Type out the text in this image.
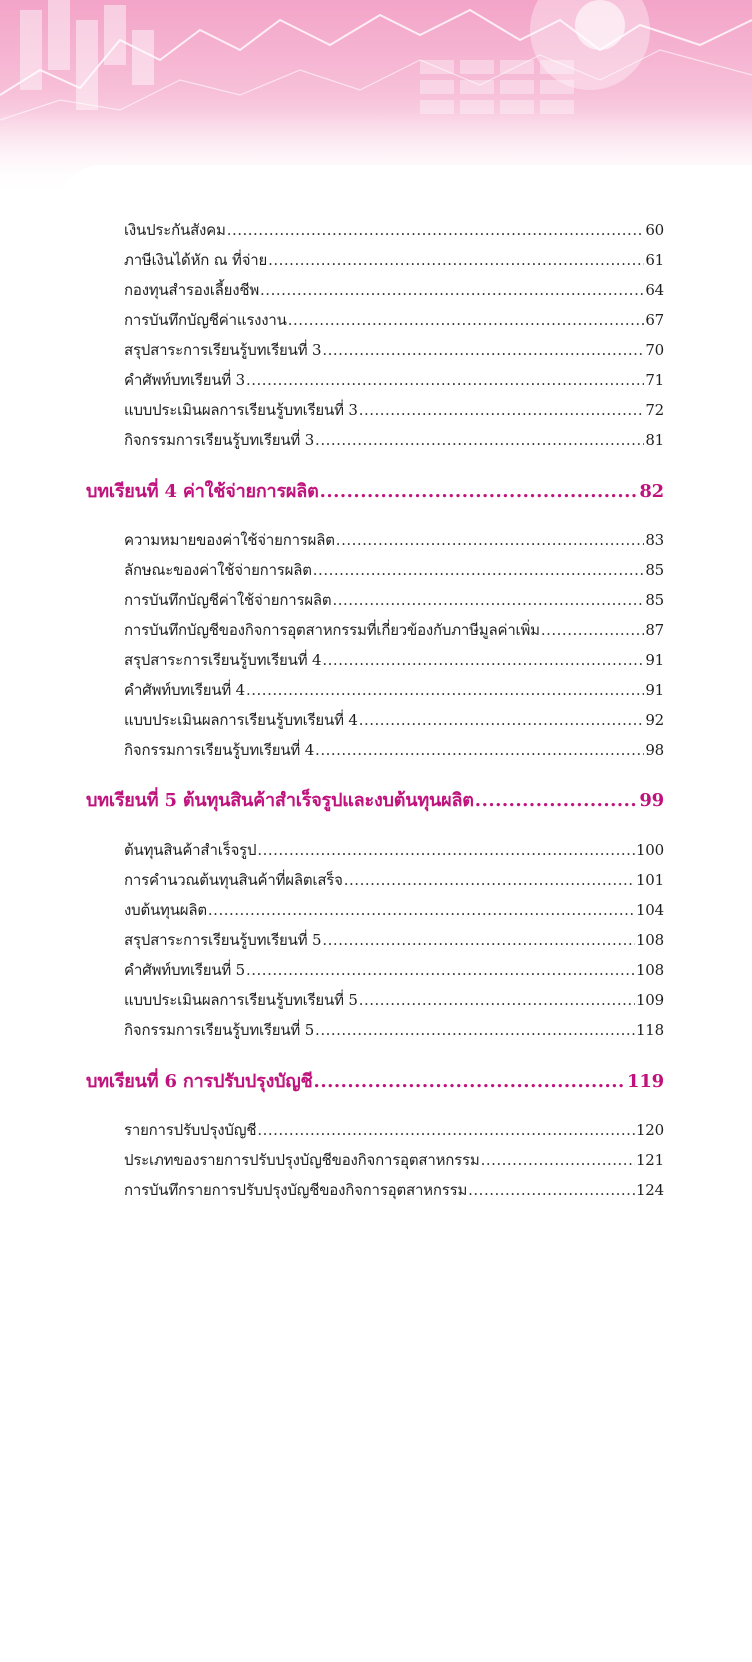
เงินประกันสังคม .....	60
ภาษีเงินได้หัก ณ ที่จ่าย .....	61
กองทุนสำรองเลี้ยงชีพ .....	64
การบันทึกบัญชีค่าแรงงาน .....	67
สรุปสาระการเรียนรู้บทเรียนที่ 3 .....	70
คำศัพท์บทเรียนที่ 3 .....	71
แบบประเมินผลการเรียนรู้บทเรียนที่ 3 .....	72
กิจกรรมการเรียนรู้บทเรียนที่ 3 .....	81
บทเรียนที่ 4 ค่าใช้จ่ายการผลิต .....	82
ความหมายของค่าใช้จ่ายการผลิต .....	83
ลักษณะของค่าใช้จ่ายการผลิต .....	85
การบันทึกบัญชีค่าใช้จ่ายการผลิต .....	85
การบันทึกบัญชีของกิจการอุตสาหกรรมที่เกี่ยวข้องกับภาษีมูลค่าเพิ่ม .....	87
สรุปสาระการเรียนรู้บทเรียนที่ 4 .....	91
คำศัพท์บทเรียนที่ 4 .....	91
แบบประเมินผลการเรียนรู้บทเรียนที่ 4 .....	92
กิจกรรมการเรียนรู้บทเรียนที่ 4 .....	98
บทเรียนที่ 5 ต้นทุนสินค้าสำเร็จรูปและงบต้นทุนผลิต .....	99
ต้นทุนสินค้าสำเร็จรูป .....	100
การคำนวณต้นทุนสินค้าที่ผลิตเสร็จ .....	101
งบต้นทุนผลิต .....	104
สรุปสาระการเรียนรู้บทเรียนที่ 5 .....	108
คำศัพท์บทเรียนที่ 5 .....	108
แบบประเมินผลการเรียนรู้บทเรียนที่ 5 .....	109
กิจกรรมการเรียนรู้บทเรียนที่ 5 .....	118
บทเรียนที่ 6 การปรับปรุงบัญชี .....	119
รายการปรับปรุงบัญชี .....	120
ประเภทของรายการปรับปรุงบัญชีของกิจการอุตสาหกรรม .....	121
การบันทึกรายการปรับปรุงบัญชีของกิจการอุตสาหกรรม .....	124
